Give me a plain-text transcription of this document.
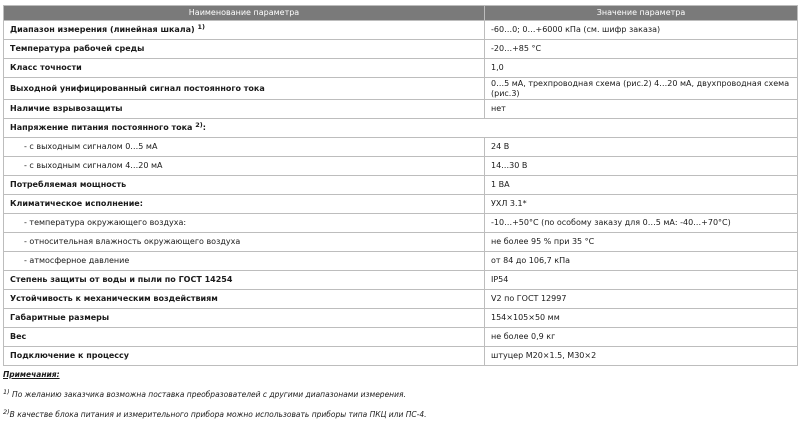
Наименование параметра	Значение параметра
Диапазон измерения (линейная шкала) $^{1)}$	-60…0; 0…+6000 кПа (см. шифр заказа)
Температура рабочей среды	-20…+85 °С
Класс точности	1,0
Выходной унифицированный сигнал постоянного тока	0…5 мА, трехпроводная схема (рис.2) 4…20 мА, двухпроводная схема (рис.3)
Наличие взрывозащиты	нет
Напряжение питания постоянного тока $^{2)}$:	
- с выходным сигналом 0…5 мА	24 В
- с выходным сигналом 4…20 мА	14…30 В
Потребляемая мощность	1 ВА
Климатическое исполнение:	УХЛ 3.1*
- температура окружающего воздуха:	-10…+50°С (по особому заказу для 0…5 мА: -40…+70°С)
- относительная влажность окружающего воздуха	не более 95 % при 35 °С
- атмосферное давление	от 84 до 106,7 кПа
Степень защиты от воды и пыли по ГОСТ 14254	IP54
Устойчивость к механическим воздействиям	V2 по ГОСТ 12997
Габаритные размеры	154×105×50 мм
Вес	не более 0,9 кг
Подключение к процессу	штуцер М20×1.5, М30×2
Примечания:
$^{1)}$ По желанию заказчика возможна поставка преобразователей с другими диапазонами измерения.
$^{2)}$В качестве блока питания и измерительного прибора можно использовать приборы типа ПКЦ или ПС-4.
